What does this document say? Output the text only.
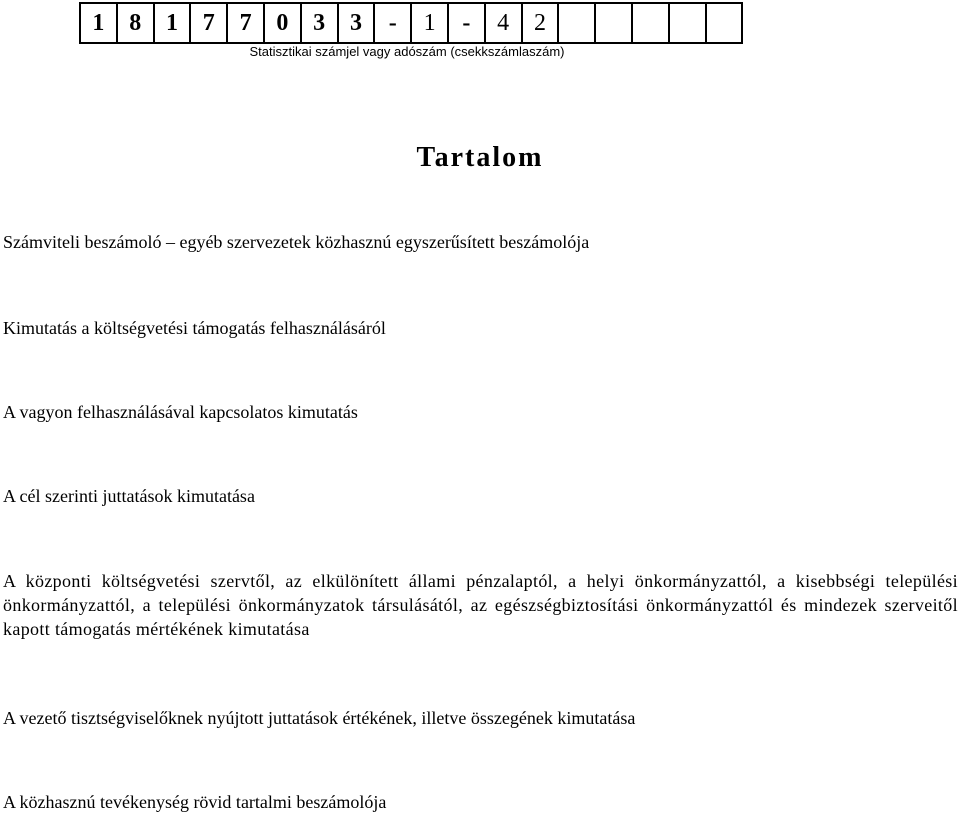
1	8	1	7	7	0	3	3	-	1	-	4	2
Statisztikai számjel vagy adószám (csekkszámlaszám)
Tartalom
Számviteli beszámoló – egyéb szervezetek közhasznú egyszerűsített beszámolója
Kimutatás a költségvetési támogatás felhasználásáról
A vagyon felhasználásával kapcsolatos kimutatás
A cél szerinti juttatások kimutatása
A központi költségvetési szervtől, az elkülönített állami pénzalaptól, a helyi önkormányzattól, a kisebbségi települési önkormányzattól, a települési önkormányzatok társulásától, az egészségbiztosítási önkormányzattól és mindezek szerveitől kapott támogatás mértékének kimutatása
A vezető tisztségviselőknek nyújtott juttatások értékének, illetve összegének kimutatása
A közhasznú tevékenység rövid tartalmi beszámolója
